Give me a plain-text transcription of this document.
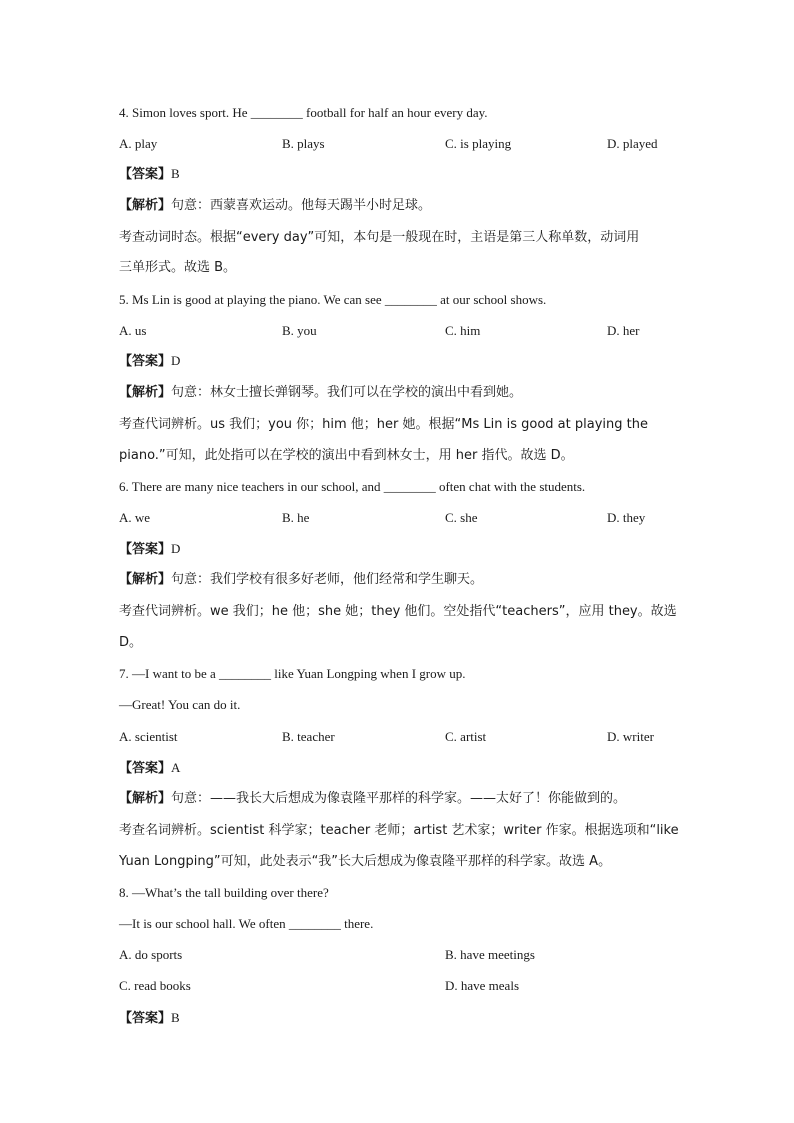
4. Simon loves sport. He ________ football for half an hour every day.
A. play	B. plays	C. is playing	D. played
【答案】B
【解析】句意：西蒙喜欢运动。他每天踢半小时足球。
考查动词时态。根据“every day”可知，本句是一般现在时，主语是第三人称单数，动词用
三单形式。故选 B。
5. Ms Lin is good at playing the piano. We can see ________ at our school shows.
A. us	B. you	C. him	D. her
【答案】D
【解析】句意：林女士擅长弹钢琴。我们可以在学校的演出中看到她。
考查代词辨析。us 我们；you 你；him 他；her 她。根据“Ms Lin is good at playing the
piano.”可知，此处指可以在学校的演出中看到林女士，用 her 指代。故选 D。
6. There are many nice teachers in our school, and ________ often chat with the students.
A. we	B. he	C. she	D. they
【答案】D
【解析】句意：我们学校有很多好老师，他们经常和学生聊天。
考查代词辨析。we 我们；he 他；she 她；they 他们。空处指代“teachers”，应用 they。故选
D。
7. —I want to be a ________ like Yuan Longping when I grow up.
—Great! You can do it.
A. scientist	B. teacher	C. artist	D. writer
【答案】A
【解析】句意：——我长大后想成为像袁隆平那样的科学家。——太好了！你能做到的。
考查名词辨析。scientist 科学家；teacher 老师；artist 艺术家；writer 作家。根据选项和“like
Yuan Longping”可知，此处表示“我”长大后想成为像袁隆平那样的科学家。故选 A。
8. —What’s the tall building over there?
—It is our school hall. We often ________ there.
A. do sports	B. have meetings
C. read books	D. have meals
【答案】B
